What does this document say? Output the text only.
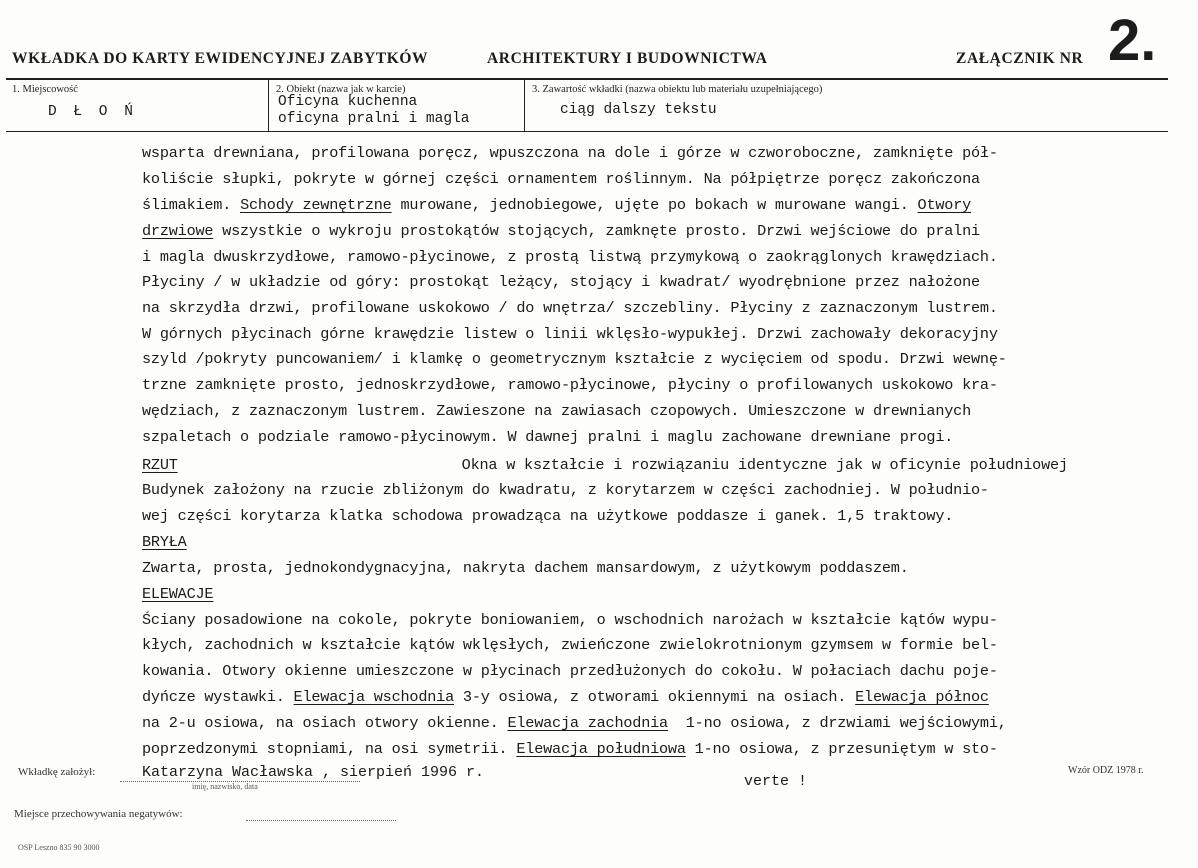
WKŁADKA DO KARTY EWIDENCYJNEJ ZABYTKÓW	ARCHITEKTURY I BUDOWNICTWA	ZAŁĄCZNIK NR 2.
1. Miejscowość
D Ł O Ń
2. Obiekt (nazwa jak w karcie)
Oficyna kuchenna
oficyna pralni i magla
3. Zawartość wkładki (nazwa obiektu lub materiału uzupełniającego)
ciąg dalszy tekstu
wsparta drewniana, profilowana poręcz, wpuszczona na dole i górze w czworoboczne, zamknięte pół-
koliście słupki, pokryte w górnej części ornamentem roślinnym. Na półpiętrze poręcz zakończona
ślimakiem. Schody zewnętrzne murowane, jednobiegowe, ujęte po bokach w murowane wangi. Otwory
drzwiowe wszystkie o wykroju prostokątów stojących, zamknęte prosto. Drzwi wejściowe do pralni
i magla dwuskrzydłowe, ramowo-płycinowe, z prostą listwą przymykową o zaokrąglonych krawędziach.
Płyciny / w układzie od góry: prostokąt leżący, stojący i kwadrat/ wyodrębnione przez nałożone
na skrzydła drzwi, profilowane uskokowo / do wnętrza/ szczebliny. Płyciny z zaznaczonym lustrem.
W górnych płycinach górne krawędzie listew o linii wklęsło-wypukłej. Drzwi zachowały dekoracyjny
szyld /pokryty puncowaniem/ i klamkę o geometrycznym kształcie z wycięciem od spodu. Drzwi wewnę-
trzne zamknięte prosto, jednoskrzydłowe, ramowo-płycinowe, płyciny o profilowanych uskokowo kra-
wędziach, z zaznaczonym lustrem. Zawieszone na zawiasach czopowych. Umieszczone w drewnianych
szpaletach o podziale ramowo-płycinowym. W dawnej pralni i maglu zachowane drewniane progi.
RZUT	Okna w kształcie i rozwiązaniu identyczne jak w oficynie południowej
Budynek założony na rzucie zbliżonym do kwadratu, z korytarzem w części zachodniej. W południo-
wej części korytarza klatka schodowa prowadząca na użytkowe poddasze i ganek. 1,5 traktowy.
BRYŁA
Zwarta, prosta, jednokondygnacyjna, nakryta dachem mansardowym, z użytkowym poddaszem.
ELEWACJE
Ściany posadowione na cokole, pokryte boniowaniem, o wschodnich narożach w kształcie kątów wypu-
kłych, zachodnich w kształcie kątów wklęsłych, zwieńczone zwielokrotnionym gzymsem w formie bel-
kowania. Otwory okienne umieszczone w płycinach przedłużonych do cokołu. W połaciach dachu poje-
dyńcze wystawki. Elewacja wschodnia 3-y osiowa, z otworami okiennymi na osiach. Elewacja północ
na 2-u osiowa, na osiach otwory okienne. Elewacja zachodnia  1-no osiowa, z drzwiami wejściowymi,
poprzedzonymi stopniami, na osi symetrii. Elewacja południowa 1-no osiowa, z przesuniętym w sto-
Wkładkę założył:	Katarzyna Wacławska , sierpień 1996 r.
imię, nazwisko, data	verte !
Wzór ODZ 1978 r.
Miejsce przechowywania negatywów:
OSP Leszno 835 90 3000
